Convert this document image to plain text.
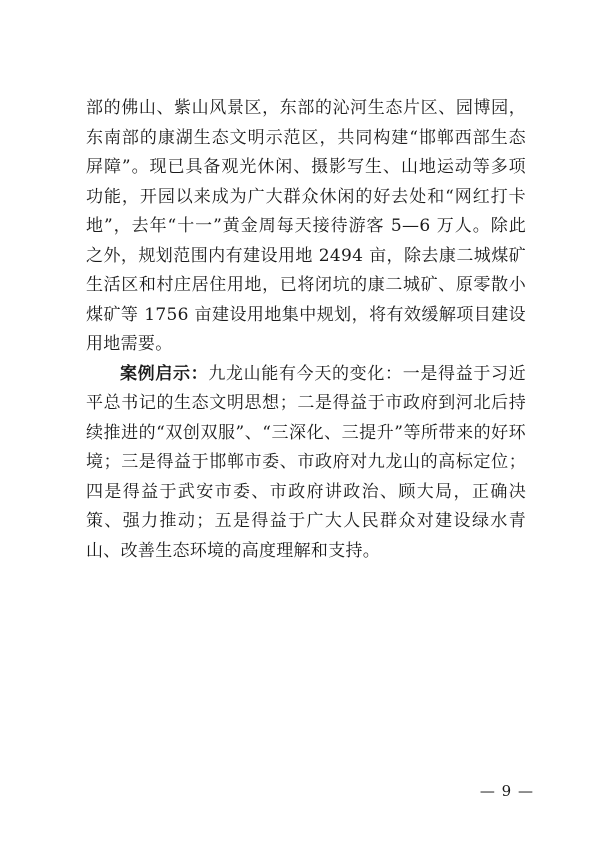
部的佛山、紫山风景区，东部的沁河生态片区、园博园，东南部的康湖生态文明示范区，共同构建“邯郸西部生态屏障”。现已具备观光休闲、摄影写生、山地运动等多项功能，开园以来成为广大群众休闲的好去处和“网红打卡地”，去年“十一”黄金周每天接待游客 5—6 万人。除此之外，规划范围内有建设用地 2494 亩，除去康二城煤矿生活区和村庄居住用地，已将闭坑的康二城矿、原零散小煤矿等 1756 亩建设用地集中规划，将有效缓解项目建设用地需要。

案例启示：九龙山能有今天的变化：一是得益于习近平总书记的生态文明思想；二是得益于市政府到河北后持续推进的“双创双服”、“三深化、三提升”等所带来的好环境；三是得益于邯郸市委、市政府对九龙山的高标定位；四是得益于武安市委、市政府讲政治、顾大局，正确决策、强力推动；五是得益于广大人民群众对建设绿水青山、改善生态环境的高度理解和支持。

— 9 —
